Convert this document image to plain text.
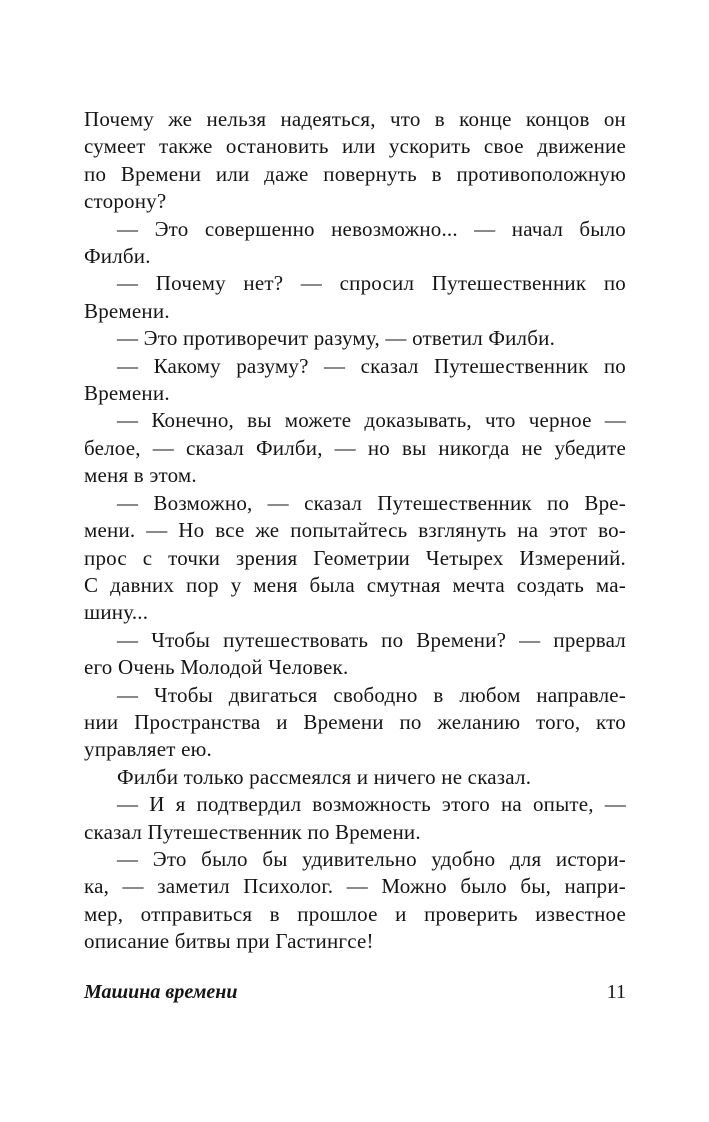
Почему же нельзя надеяться, что в конце концов он
сумеет также остановить или ускорить свое движение
по Времени или даже повернуть в противоположную
сторону?
— Это совершенно невозможно... — начал было
Филби.
— Почему нет? — спросил Путешественник по
Времени.
— Это противоречит разуму, — ответил Филби.
— Какому разуму? — сказал Путешественник по
Времени.
— Конечно, вы можете доказывать, что черное —
белое, — сказал Филби, — но вы никогда не убедите
меня в этом.
— Возможно, — сказал Путешественник по Вре-
мени. — Но все же попытайтесь взглянуть на этот во-
прос с точки зрения Геометрии Четырех Измерений.
С давних пор у меня была смутная мечта создать ма-
шину...
— Чтобы путешествовать по Времени? — прервал
его Очень Молодой Человек.
— Чтобы двигаться свободно в любом направле-
нии Пространства и Времени по желанию того, кто
управляет ею.
Филби только рассмеялся и ничего не сказал.
— И я подтвердил возможность этого на опыте, —
сказал Путешественник по Времени.
— Это было бы удивительно удобно для истори-
ка, — заметил Психолог. — Можно было бы, напри-
мер, отправиться в прошлое и проверить известное
описание битвы при Гастингсе!
Машина времени	11
